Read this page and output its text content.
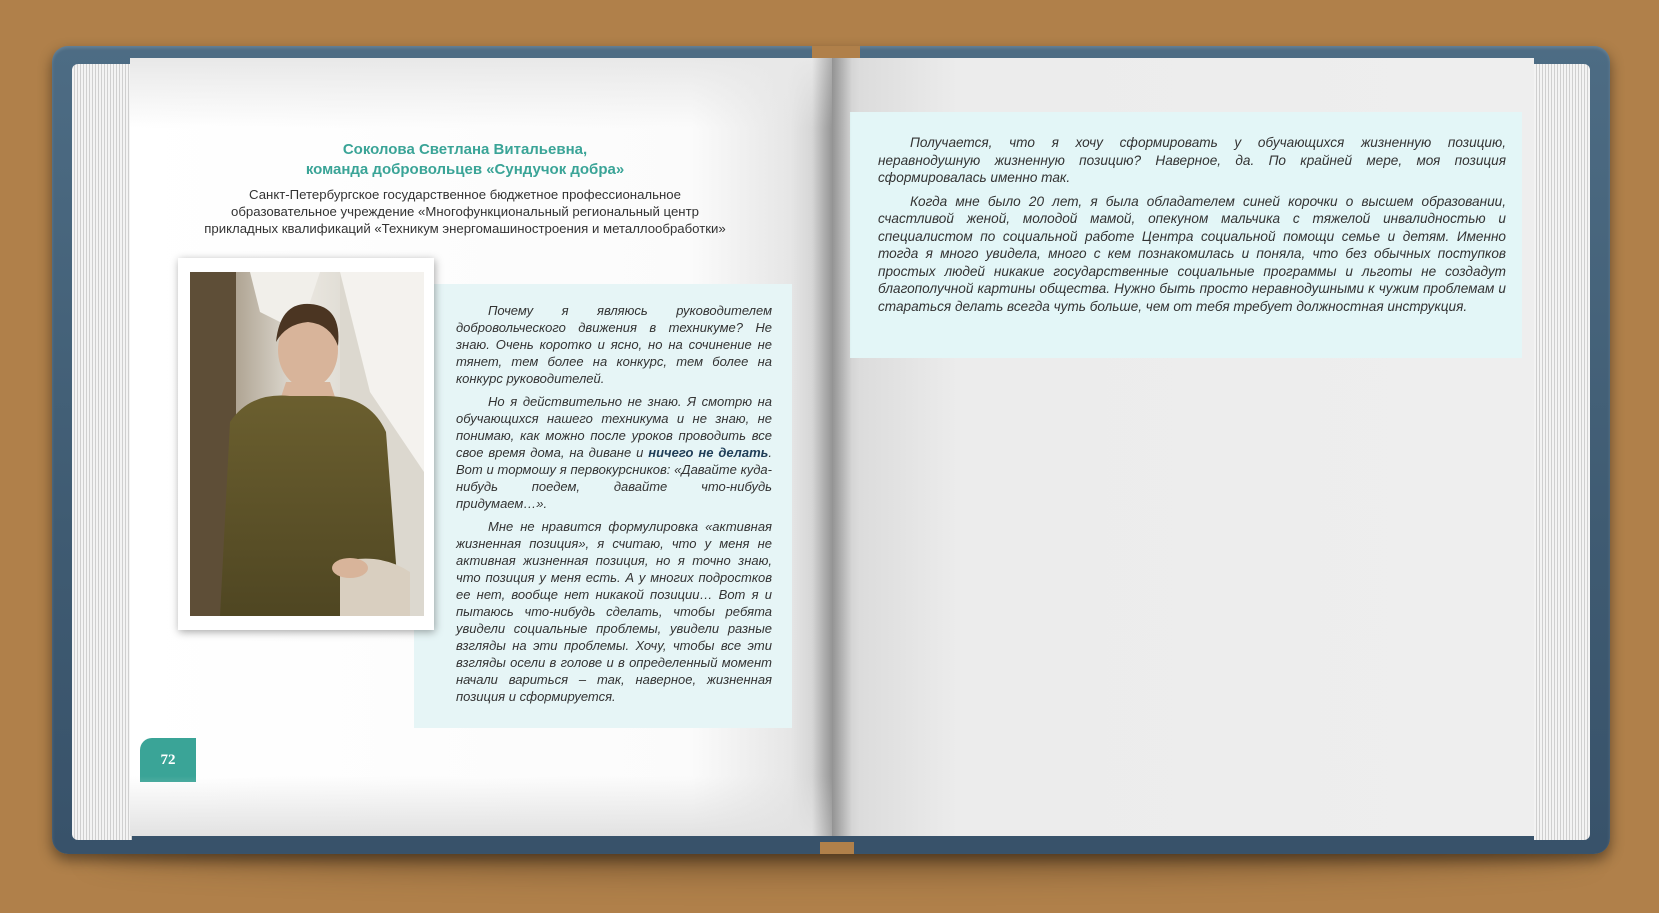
Соколова Светлана Витальевна,

команда добровольцев «Сундучок добра»

Санкт-Петербургское государственное бюджетное профессиональное
образовательное учреждение «Многофункциональный региональный центр
прикладных квалификаций «Техникум энергомашиностроения и металлообработки»

Почему я являюсь руководителем добровольческого движения в техникуме? Не знаю. Очень коротко и ясно, но на сочинение не тянет, тем более на конкурс, тем более на конкурс руководителей.

Но я действительно не знаю. Я смотрю на обучающихся нашего техникума и не знаю, не понимаю, как можно после уроков проводить все свое время дома, на диване и ничего не делать. Вот и тормошу я первокурсников: «Давайте куда-нибудь поедем, давайте что-нибудь придумаем…».

Мне не нравится формулировка «активная жизненная позиция», я считаю, что у меня не активная жизненная позиция, но я точно знаю, что позиция у меня есть. А у многих подростков ее нет, вообще нет никакой позиции… Вот я и пытаюсь что-нибудь сделать, чтобы ребята увидели социальные проблемы, увидели разные взгляды на эти проблемы. Хочу, чтобы все эти взгляды осели в голове и в определенный момент начали вариться – так, наверное, жизненная позиция и сформируется.

72

Получается, что я хочу сформировать у обучающихся жизненную позицию, неравнодушную жизненную позицию? Наверное, да. По крайней мере, моя позиция сформировалась именно так.

Когда мне было 20 лет, я была обладателем синей корочки о высшем образовании, счастливой женой, молодой мамой, опекуном мальчика с тяжелой инвалидностью и специалистом по социальной работе Центра социальной помощи семье и детям. Именно тогда я много увидела, много с кем познакомилась и поняла, что без обычных поступков простых людей никакие государственные социальные программы и льготы не создадут благополучной картины общества. Нужно быть просто неравнодушными к чужим проблемам и стараться делать всегда чуть больше, чем от тебя требует должностная инструкция.
